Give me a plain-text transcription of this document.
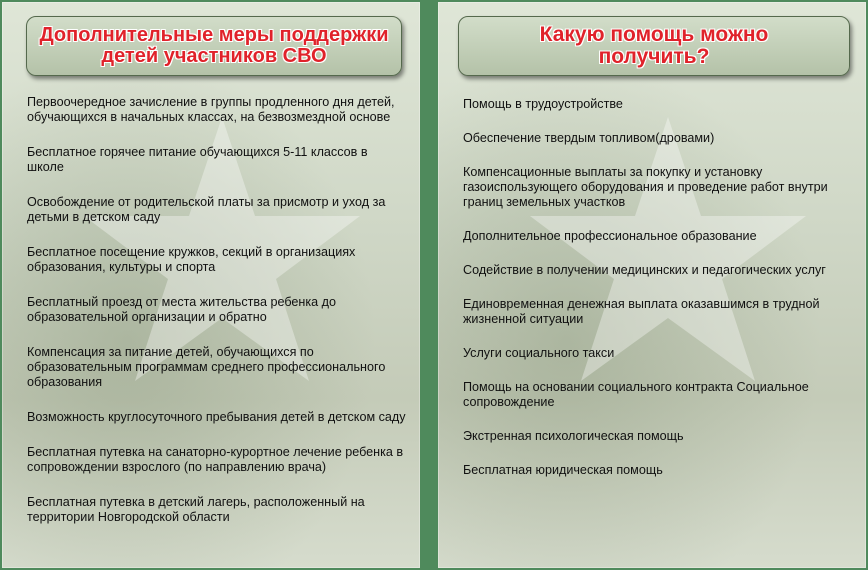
Дополнительные меры поддержки
детей участников СВО
Первоочередное зачисление в группы продленного дня детей, обучающихся в начальных классах, на безвозмездной основе
Бесплатное горячее питание обучающихся 5-11 классов в школе
Освобождение от родительской платы за присмотр и уход за детьми в детском саду
Бесплатное посещение кружков, секций в организациях образования, культуры и спорта
Бесплатный проезд от места жительства ребенка до образовательной организации и обратно
Компенсация за питание детей, обучающихся по образовательным программам среднего профессионального образования
Возможность круглосуточного пребывания детей в детском саду
Бесплатная путевка на санаторно-курортное лечение ребенка в сопровождении взрослого (по направлению врача)
Бесплатная путевка в детский лагерь, расположенный на территории Новгородской области
Какую помощь можно
получить?
Помощь в трудоустройстве
Обеспечение твердым топливом(дровами)
Компенсационные выплаты за покупку и установку газоиспользующего оборудования и проведение работ внутри границ земельных участков
Дополнительное профессиональное образование
Содействие в получении медицинских и педагогических услуг
Единовременная денежная выплата оказавшимся в трудной жизненной ситуации
Услуги социального такси
Помощь на основании социального контракта Социальное сопровождение
Экстренная психологическая помощь
Бесплатная юридическая помощь
